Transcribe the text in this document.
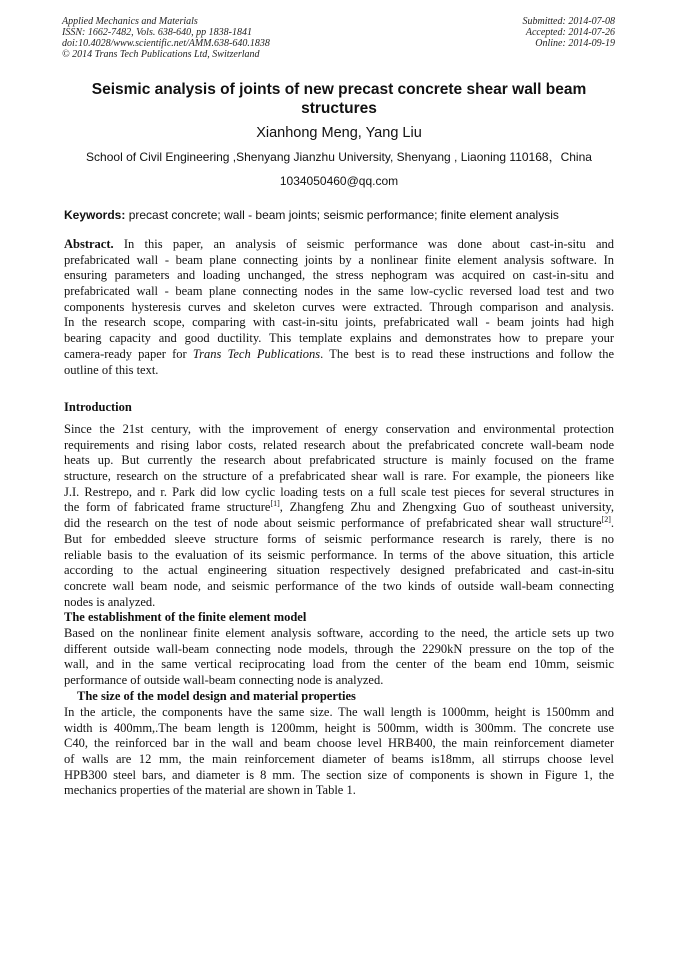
Applied Mechanics and Materials
ISSN: 1662-7482, Vols. 638-640, pp 1838-1841
doi:10.4028/www.scientific.net/AMM.638-640.1838
© 2014 Trans Tech Publications Ltd, Switzerland
Submitted: 2014-07-08
Accepted: 2014-07-26
Online: 2014-09-19
Seismic analysis of joints of new precast concrete shear wall beam
structures
Xianhong Meng, Yang Liu
School of Civil Engineering ,Shenyang Jianzhu University, Shenyang , Liaoning 110168，China
1034050460@qq.com
Keywords: precast concrete; wall - beam joints; seismic performance; finite element analysis
Abstract. In this paper, an analysis of seismic performance was done about cast-in-situ and
prefabricated wall - beam plane connecting joints by a nonlinear finite element analysis software. In
ensuring parameters and loading unchanged, the stress nephogram was acquired on cast-in-situ and
prefabricated wall - beam plane connecting nodes in the same low-cyclic reversed load test and two
components hysteresis curves and skeleton curves were extracted. Through comparison and analysis.
In the research scope, comparing with cast-in-situ joints, prefabricated wall - beam joints had high
bearing capacity and good ductility. This template explains and demonstrates how to prepare your
camera-ready paper for Trans Tech Publications. The best is to read these instructions and follow the
outline of this text.
Introduction
Since the 21st century, with the improvement of energy conservation and environmental protection
requirements and rising labor costs, related research about the prefabricated concrete wall-beam node
heats up. But currently the research about prefabricated structure is mainly focused on the frame
structure, research on the structure of a prefabricated shear wall is rare. For example, the pioneers like
J.I. Restrepo, and r. Park did low cyclic loading tests on a full scale test pieces for several structures in
the form of fabricated frame structure[1], Zhangfeng Zhu and Zhengxing Guo of southeast university,
did the research on the test of node about seismic performance of prefabricated shear wall structure[2].
But for embedded sleeve structure forms of seismic performance research is rarely, there is no
reliable basis to the evaluation of its seismic performance. In terms of the above situation, this article
according to the actual engineering situation respectively designed prefabricated and cast-in-situ
concrete wall beam node, and seismic performance of the two kinds of outside wall-beam connecting
nodes is analyzed.
The establishment of the finite element model
Based on the nonlinear finite element analysis software, according to the need, the article sets up two
different outside wall-beam connecting node models, through the 2290kN pressure on the top of the
wall, and in the same vertical reciprocating load from the center of the beam end 10mm, seismic
performance of outside wall-beam connecting node is analyzed.
The size of the model design and material properties
In the article, the components have the same size. The wall length is 1000mm, height is 1500mm and
width is 400mm,.The beam length is 1200mm, height is 500mm, width is 300mm. The concrete use
C40, the reinforced bar in the wall and beam choose level HRB400, the main reinforcement diameter
of walls are 12 mm, the main reinforcement diameter of beams is18mm, all stirrups choose level
HPB300 steel bars, and diameter is 8 mm. The section size of components is shown in Figure 1, the
mechanics properties of the material are shown in Table 1.
